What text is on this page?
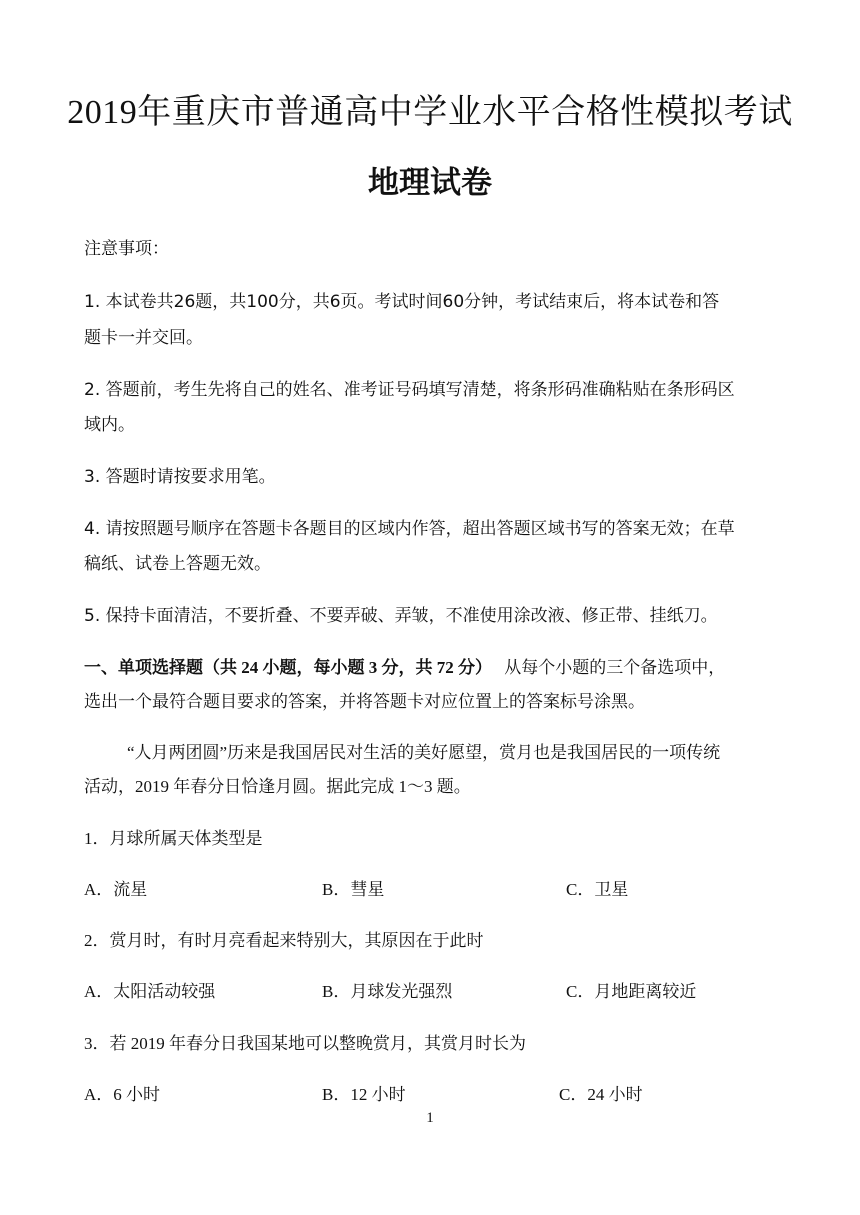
2019年重庆市普通高中学业水平合格性模拟考试
地理试卷
注意事项：
1. 本试卷共26题，共100分，共6页。考试时间60分钟，考试结束后，将本试卷和答
题卡一并交回。
2. 答题前，考生先将自己的姓名、准考证号码填写清楚，将条形码准确粘贴在条形码区
域内。
3. 答题时请按要求用笔。
4. 请按照题号顺序在答题卡各题目的区域内作答，超出答题区域书写的答案无效；在草
稿纸、试卷上答题无效。
5. 保持卡面清洁，不要折叠、不要弄破、弄皱，不准使用涂改液、修正带、挂纸刀。
一、单项选择题（共 24 小题，每小题 3 分，共 72 分） 从每个小题的三个备选项中，
选出一个最符合题目要求的答案，并将答题卡对应位置上的答案标号涂黑。
“人月两团圆”历来是我国居民对生活的美好愿望，赏月也是我国居民的一项传统
活动，2019 年春分日恰逢月圆。据此完成 1～3 题。
1．月球所属天体类型是
A．流星	B．彗星	C．卫星
2．赏月时，有时月亮看起来特别大，其原因在于此时
A．太阳活动较强	B．月球发光强烈	C．月地距离较近
3．若 2019 年春分日我国某地可以整晚赏月，其赏月时长为
A．6 小时	B．12 小时	C．24 小时
1
